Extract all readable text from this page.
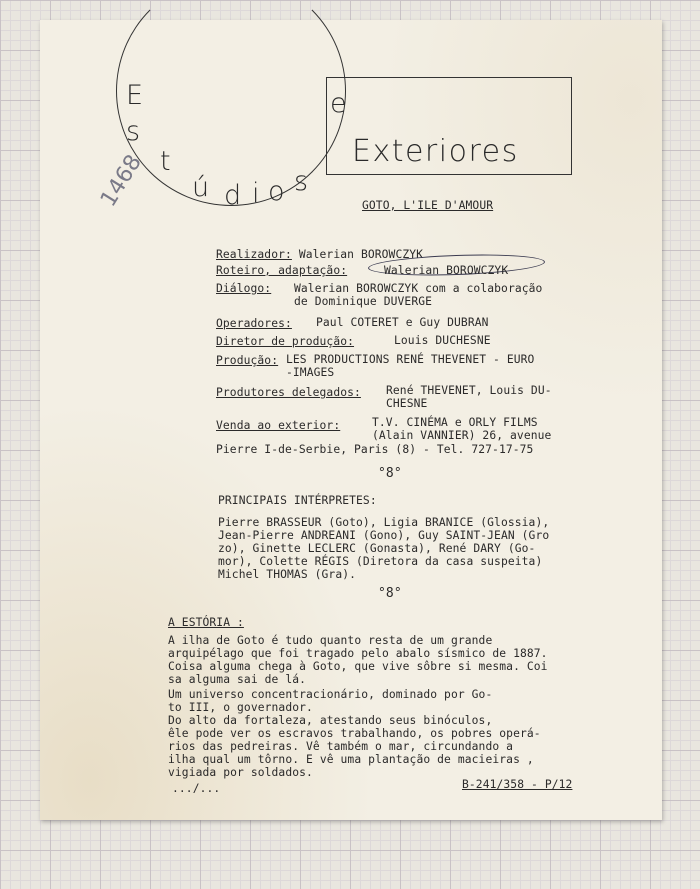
E
s
t
ú d i o s
e
Exteriores
1468	GOTO, L'ILE D'AMOUR
Realizador: Walerian BOROWCZYK
Roteiro, adaptação:	Walerian BOROWCZYK
Diálogo: Walerian BOROWCZYK com a colaboração
de Dominique DUVERGE
Operadores: Paul COTERET e Guy DUBRAN
Diretor de produção:	Louis DUCHESNE
Produção: LES PRODUCTIONS RENÉ THEVENET - EURO
-IMAGES
Produtores delegados: René THEVENET, Louis DU-
CHESNE
Venda ao exterior:	T.V. CINÉMA e ORLY FILMS
(Alain VANNIER) 26, avenue
Pierre I-de-Serbie, Paris (8) - Tel. 727-17-75
°8°
PRINCIPAIS INTÉRPRETES:
Pierre BRASSEUR (Goto), Ligia BRANICE (Glossia),
Jean-Pierre ANDREANI (Gono), Guy SAINT-JEAN (Gro
zo), Ginette LECLERC (Gonasta), René DARY (Go-
mor), Colette RÉGIS (Diretora da casa suspeita)
Michel THOMAS (Gra).
°8°
A ESTÓRIA :
A ilha de Goto é tudo quanto resta de um grande
arquipélago que foi tragado pelo abalo sísmico de 1887.
Coisa alguma chega à Goto, que vive sôbre si mesma. Coi
sa alguma sai de lá.
Um universo concentracionário, dominado por Go-
to III, o governador.
Do alto da fortaleza, atestando seus binóculos,
êle pode ver os escravos trabalhando, os pobres operá-
rios das pedreiras. Vê também o mar, circundando a
ilha qual um tôrno. E vê uma plantação de macieiras ,
vigiada por soldados.
.../...	B-241/358 - P/12
